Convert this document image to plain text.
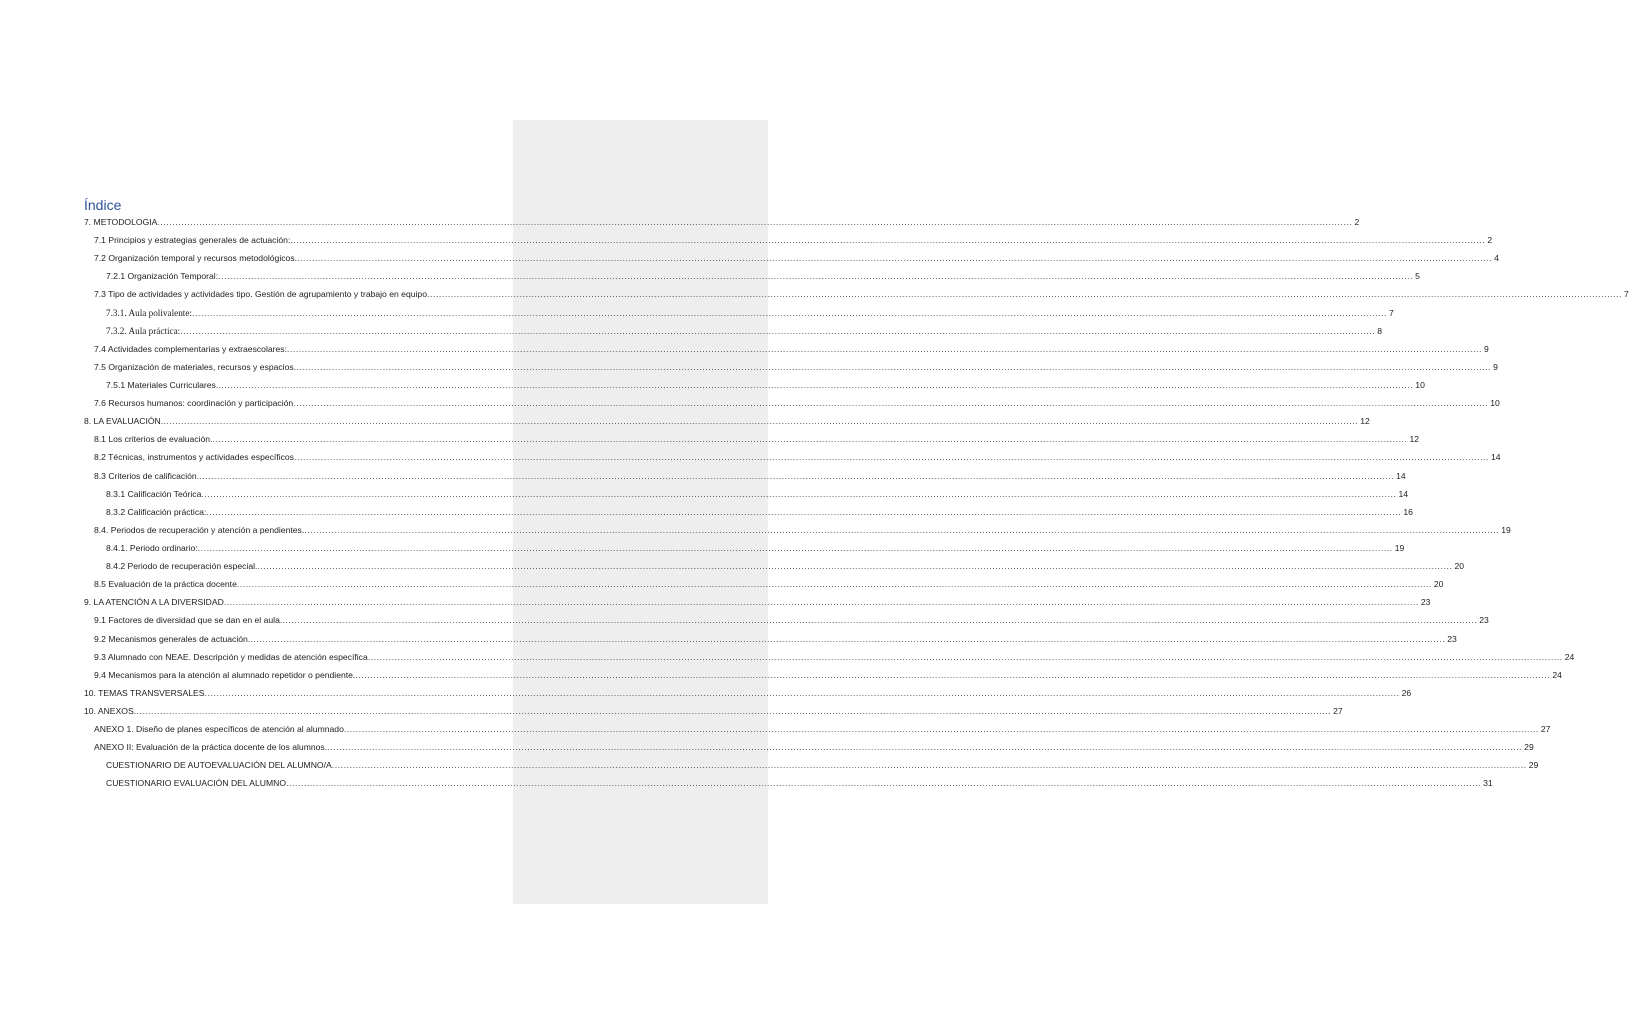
Índice
7. METODOLOGIA ................................................................................................................................................................................................................................................................................................................................................................................................................ 2
7.1 Principios y estrategias generales de actuación: ................................................................................................................................................................................................................................................................................................................................................................................................................ 2
7.2 Organización temporal y recursos metodológicos. ................................................................................................................................................................................................................................................................................................................................................................................................................ 4
7.2.1 Organización Temporal: ................................................................................................................................................................................................................................................................................................................................................................................................................ 5
7.3 Tipo de actividades y actividades tipo. Gestión de agrupamiento y trabajo en equipo ................................................................................................................................................................................................................................................................................................................................................................................................................ 7
7.3.1. Aula polivalente: ................................................................................................................................................................................................................................................................................................................................................................................................................ 7
7.3.2. Aula práctica: ................................................................................................................................................................................................................................................................................................................................................................................................................ 8
7.4 Actividades complementarias y extraescolares: ................................................................................................................................................................................................................................................................................................................................................................................................................ 9
7.5 Organización de materiales, recursos y espacios. ................................................................................................................................................................................................................................................................................................................................................................................................................ 9
7.5.1 Materiales Curriculares. ................................................................................................................................................................................................................................................................................................................................................................................................................ 10
7.6 Recursos humanos: coordinación y participación ................................................................................................................................................................................................................................................................................................................................................................................................................ 10
8. LA EVALUACIÓN. ................................................................................................................................................................................................................................................................................................................................................................................................................ 12
8.1 Los criterios de evaluación. ................................................................................................................................................................................................................................................................................................................................................................................................................ 12
8.2 Técnicas, instrumentos y actividades específicos ................................................................................................................................................................................................................................................................................................................................................................................................................ 14
8.3 Criterios de calificación. ................................................................................................................................................................................................................................................................................................................................................................................................................ 14
8.3.1 Calificación Teórica ................................................................................................................................................................................................................................................................................................................................................................................................................ 14
8.3.2 Calificación práctica: ................................................................................................................................................................................................................................................................................................................................................................................................................ 16
8.4. Periodos de recuperación y atención a pendientes. ................................................................................................................................................................................................................................................................................................................................................................................................................ 19
8.4.1. Periodo ordinario: ................................................................................................................................................................................................................................................................................................................................................................................................................ 19
8.4.2 Periodo de recuperación especial. ................................................................................................................................................................................................................................................................................................................................................................................................................ 20
8.5 Evaluación de la práctica docente ................................................................................................................................................................................................................................................................................................................................................................................................................ 20
9. LA ATENCIÓN A LA DIVERSIDAD ................................................................................................................................................................................................................................................................................................................................................................................................................ 23
9.1 Factores de diversidad que se dan en el aula. ................................................................................................................................................................................................................................................................................................................................................................................................................ 23
9.2 Mecanismos generales de actuación. ................................................................................................................................................................................................................................................................................................................................................................................................................ 23
9.3 Alumnado con NEAE. Descripción y medidas de atención específica ................................................................................................................................................................................................................................................................................................................................................................................................................ 24
9.4 Mecanismos para la atención al alumnado repetidor o pendiente. ................................................................................................................................................................................................................................................................................................................................................................................................................ 24
10. TEMAS TRANSVERSALES ................................................................................................................................................................................................................................................................................................................................................................................................................ 26
10. ANEXOS. ................................................................................................................................................................................................................................................................................................................................................................................................................ 27
ANEXO 1. Diseño de planes específicos de atención al alumnado ................................................................................................................................................................................................................................................................................................................................................................................................................ 27
ANEXO II: Evaluación de la práctica docente de los alumnos. ................................................................................................................................................................................................................................................................................................................................................................................................................ 29
CUESTIONARIO DE AUTOEVALUACIÓN DEL ALUMNO/A ................................................................................................................................................................................................................................................................................................................................................................................................................ 29
CUESTIONARIO EVALUACIÓN DEL ALUMNO ................................................................................................................................................................................................................................................................................................................................................................................................................ 31
